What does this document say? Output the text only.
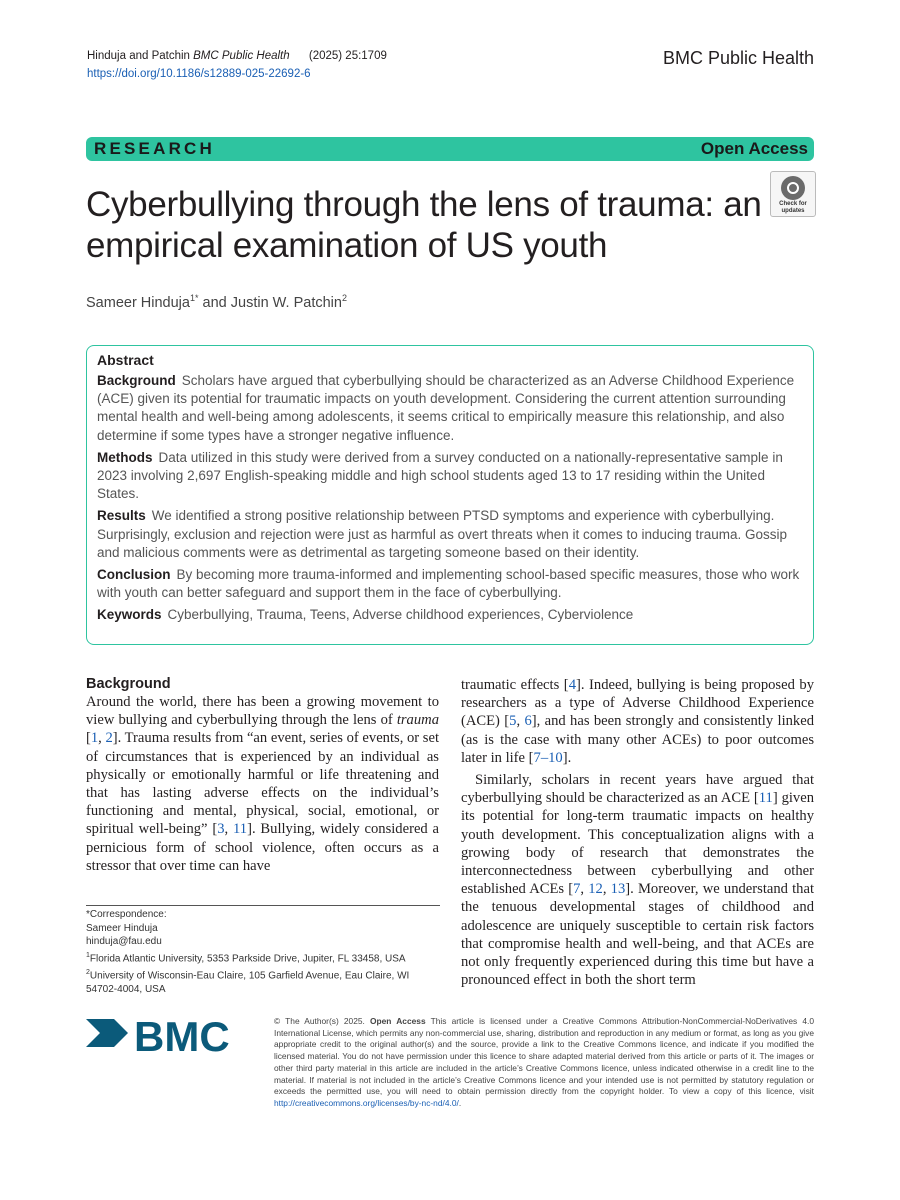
Hinduja and Patchin BMC Public Health (2025) 25:1709
https://doi.org/10.1186/s12889-025-22692-6
BMC Public Health
RESEARCH	Open Access
Cyberbullying through the lens of trauma: an empirical examination of US youth
Check for
updates
Sameer Hinduja$^{1*}$ and Justin W. Patchin$^2$
Abstract

Background Scholars have argued that cyberbullying should be characterized as an Adverse Childhood Experience (ACE) given its potential for traumatic impacts on youth development. Considering the current attention surrounding mental health and well-being among adolescents, it seems critical to empirically measure this relationship, and also determine if some types have a stronger negative influence.

Methods Data utilized in this study were derived from a survey conducted on a nationally-representative sample in 2023 involving 2,697 English-speaking middle and high school students aged 13 to 17 residing within the United States.

Results We identified a strong positive relationship between PTSD symptoms and experience with cyberbullying. Surprisingly, exclusion and rejection were just as harmful as overt threats when it comes to inducing trauma. Gossip and malicious comments were as detrimental as targeting someone based on their identity.

Conclusion By becoming more trauma-informed and implementing school-based specific measures, those who work with youth can better safeguard and support them in the face of cyberbullying.

Keywords Cyberbullying, Trauma, Teens, Adverse childhood experiences, Cyberviolence

Background

Around the world, there has been a growing movement to view bullying and cyberbullying through the lens of trauma [1, 2]. Trauma results from “an event, series of events, or set of circumstances that is experienced by an individual as physically or emotionally harmful or life threatening and that has lasting adverse effects on the individual’s functioning and mental, physical, social, emotional, or spiritual well-being” [3, 11]. Bullying, widely considered a pernicious form of school violence, often occurs as a stressor that over time can have

traumatic effects [4]. Indeed, bullying is being proposed by researchers as a type of Adverse Childhood Experience (ACE) [5, 6], and has been strongly and consistently linked (as is the case with many other ACEs) to poor outcomes later in life [7–10].

Similarly, scholars in recent years have argued that cyberbullying should be characterized as an ACE [11] given its potential for long-term traumatic impacts on healthy youth development. This conceptualization aligns with a growing body of research that demonstrates the interconnectedness between cyberbullying and other established ACEs [7, 12, 13]. Moreover, we understand that the tenuous developmental stages of childhood and adolescence are uniquely susceptible to certain risk factors that compromise health and well-being, and that ACEs are not only frequently experienced during this time but have a pronounced effect in both the short term

*Correspondence:
Sameer Hinduja
hinduja@fau.edu
$^1$Florida Atlantic University, 5353 Parkside Drive, Jupiter, FL 33458, USA
$^2$University of Wisconsin-Eau Claire, 105 Garfield Avenue, Eau Claire, WI 54702-4004, USA
BMC	© The Author(s) 2025. Open Access This article is licensed under a Creative Commons Attribution-NonCommercial-NoDerivatives 4.0 International License, which permits any non-commercial use, sharing, distribution and reproduction in any medium or format, as long as you give appropriate credit to the original author(s) and the source, provide a link to the Creative Commons licence, and indicate if you modified the licensed material. You do not have permission under this licence to share adapted material derived from this article or parts of it. The images or other third party material in this article are included in the article’s Creative Commons licence, unless indicated otherwise in a credit line to the material. If material is not included in the article’s Creative Commons licence and your intended use is not permitted by statutory regulation or exceeds the permitted use, you will need to obtain permission directly from the copyright holder. To view a copy of this licence, visit http://creativecommons.org/licenses/by-nc-nd/4.0/.
